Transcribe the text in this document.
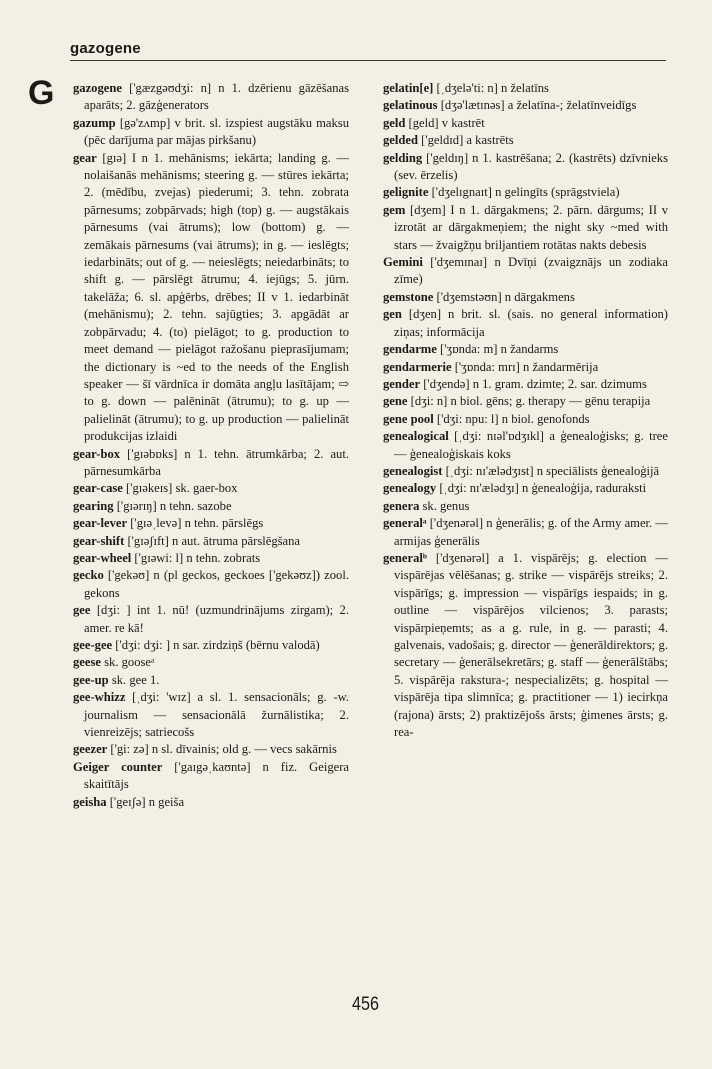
gazogene
G gazogene ['gæzgəʊdʒi: n] n 1. dzērienu gāzēšanas aparāts; 2. gāzģenerators

gazump [gə'zʌmp] v brit. sl. izspiest augstāku maksu (pēc darījuma par mājas pirkšanu)

gear [gɪə] I n 1. mehānisms; iekārta; landing g. — nolaišanās mehānisms; steering g. — stūres iekārta; 2. (mēdību, zvejas) piederumi; 3. tehn. zobrata pārnesums; zobpārvads; high (top) g. — augstākais pārnesums (vai ātrums); low (bottom) g. — zemākais pārnesums (vai ātrums); in g. — ieslēgts; iedarbināts; out of g. — neieslēgts; neiedarbināts; to shift g. — pārslēgt ātrumu; 4. iejūgs; 5. jūrn. takelāža; 6. sl. apģērbs, drēbes; II v 1. iedarbināt (mehānismu); 2. tehn. sajūgties; 3. apgādāt ar zobpārvadu; 4. (to) pielāgot; to g. production to meet demand — pielāgot ražošanu pieprasījumam; the dictionary is ~ed to the needs of the English speaker — šī vārdnīca ir domāta angļu lasītājam; ⇨ to g. down — palēnināt (ātrumu); to g. up — palielināt (ātrumu); to g. up production — palielināt produkcijas izlaidi

gear-box ['gɪəbɒks] n 1. tehn. ātrumkārba; 2. aut. pārnesumkārba

gear-case ['gɪəkeɪs] sk. gaer-box

gearing ['gɪərɪŋ] n tehn. sazobe

gear-lever ['gɪəˌlevə] n tehn. pārslēgs

gear-shift ['gɪəʃɪft] n aut. ātruma pārslēgšana

gear-wheel ['gɪəwi: l] n tehn. zobrats

gecko ['gekəʊ] n (pl geckos, geckoes ['gekəʊz]) zool. gekons

gee [dʒi: ] int 1. nū! (uzmundrinājums zirgam); 2. amer. re kā!

gee-gee ['dʒi: dʒi: ] n sar. zirdziņš (bērnu valodā)

geese sk. gooseᵃ

gee-up sk. gee 1.

gee-whizz [ˌdʒi: 'wɪz] a sl. 1. sensacionāls; g. -w. journalism — sensacionālā žurnālistika; 2. vienreizējs; satriecošs

geezer ['gi: zə] n sl. dīvainis; old g. — vecs sakārnis

Geiger counter ['gaɪgəˌkaʊntə] n fiz. Geigera skaitītājs

geisha ['geɪʃə] n geiša

gelatin[e] [ˌdʒelə'ti: n] n želatīns

gelatinous [dʒə'lætɪnəs] a želatīna-; želatīnveidīgs

geld [geld] v kastrēt

gelded ['geldɪd] a kastrēts

gelding ['geldɪŋ] n 1. kastrēšana; 2. (kastrēts) dzīvnieks (sev. ērzelis)

gelignite ['dʒelɪgnaɪt] n gelingīts (sprāgstviela)

gem [dʒem] I n 1. dārgakmens; 2. pārn. dārgums; II v izrotāt ar dārgakmeņiem; the night sky ~med with stars — žvaigžņu briljantiem rotātas nakts debesis

Gemini ['dʒemɪnaɪ] n Dvīņi (zvaigznājs un zodiaka zīme)

gemstone ['dʒemstəʊn] n dārgakmens

gen [dʒen] n brit. sl. (sais. no general information) ziņas; informācija

gendarme ['ʒɒnda: m] n žandarms

gendarmerie ['ʒɒnda: mrɪ] n žandarmērija

gender ['dʒendə] n 1. gram. dzimte; 2. sar. dzimums

gene [dʒi: n] n biol. gēns; g. therapy — gēnu terapija

gene pool ['dʒi: npu: l] n biol. genofonds

genealogical [ˌdʒi: nɪəl'ɒdʒɪkl] a ģenealoģisks; g. tree — ģenealoģiskais koks

genealogist [ˌdʒi: nɪ'ælədʒɪst] n speciālists ģenealoģijā

genealogy [ˌdʒi: nɪ'ælədʒɪ] n ģenealoģija, raduraksti

genera sk. genus

generalᵃ ['dʒenərəl] n ģenerālis; g. of the Army amer. — armijas ģenerālis

generalᵇ ['dʒenərəl] a 1. vispārējs; g. election — vispārējas vēlēšanas; g. strike — vispārējs streiks; 2. vispārīgs; g. impression — vispārīgs iespaids; in g. outline — vispārējos vilcienos; 3. parasts; vispārpieņemts; as a g. rule, in g. — parasti; 4. galvenais, vadošais; g. director — ģenerāldirektors; g. secretary — ģenerālsekretārs; g. staff — ģenerālštābs; 5. vispārēja rakstura-; nespecializēts; g. hospital — vispārēja tipa slimnīca; g. practitioner — 1) iecirkņa (rajona) ārsts; 2) praktizējošs ārsts; ģimenes ārsts; g. rea-

456
